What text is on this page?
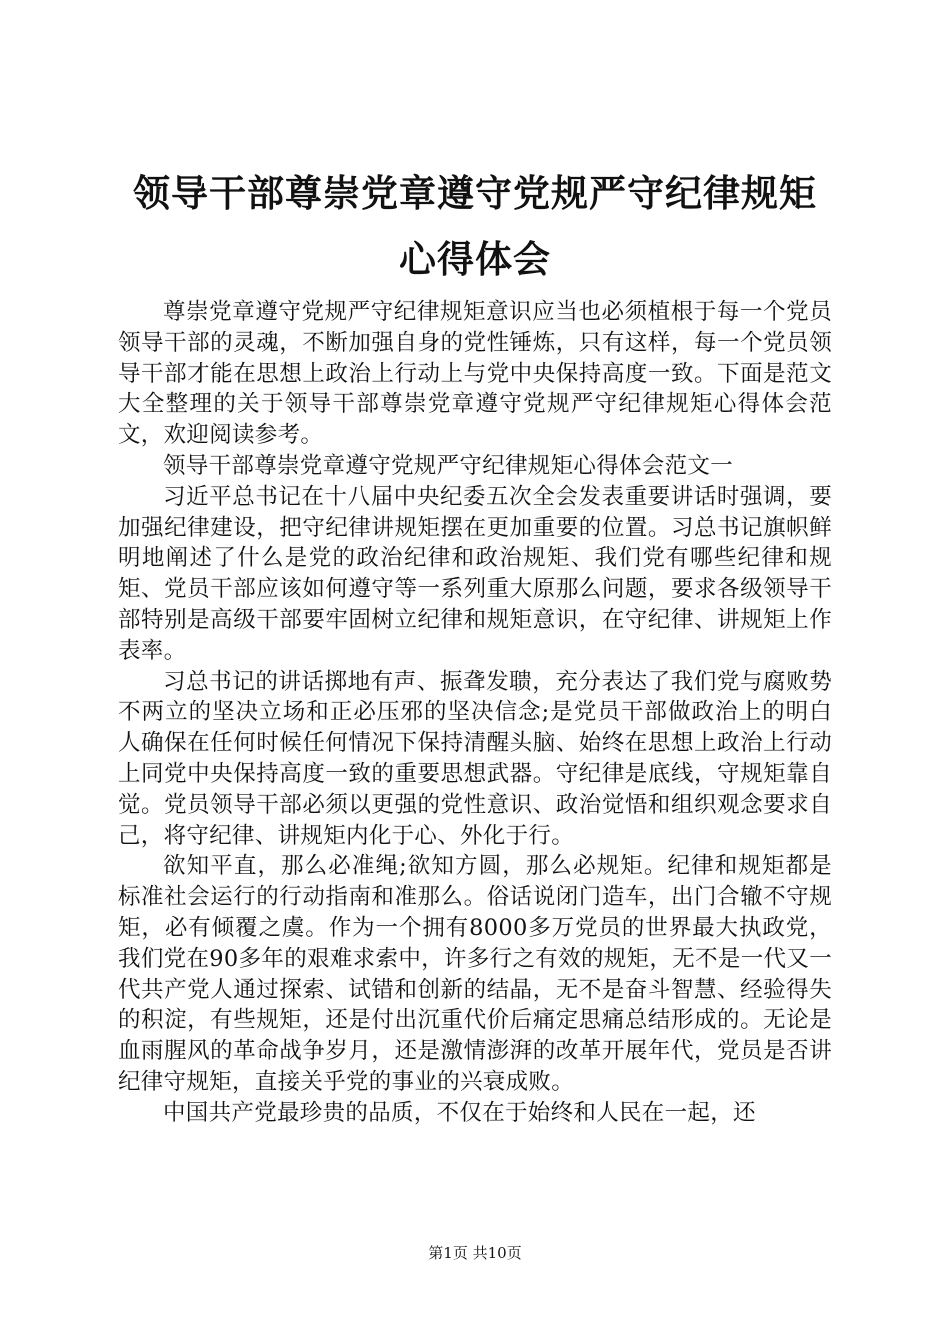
领导干部尊崇党章遵守党规严守纪律规矩心得体会

尊崇党章遵守党规严守纪律规矩意识应当也必须植根于每一个党员领导干部的灵魂，不断加强自身的党性锤炼，只有这样，每一个党员领导干部才能在思想上政治上行动上与党中央保持高度一致。下面是范文大全整理的关于领导干部尊崇党章遵守党规严守纪律规矩心得体会范文，欢迎阅读参考。

领导干部尊崇党章遵守党规严守纪律规矩心得体会范文一

习近平总书记在十八届中央纪委五次全会发表重要讲话时强调，要加强纪律建设，把守纪律讲规矩摆在更加重要的位置。习总书记旗帜鲜明地阐述了什么是党的政治纪律和政治规矩、我们党有哪些纪律和规矩、党员干部应该如何遵守等一系列重大原那么问题，要求各级领导干部特别是高级干部要牢固树立纪律和规矩意识，在守纪律、讲规矩上作表率。

习总书记的讲话掷地有声、振聋发聩，充分表达了我们党与腐败势不两立的坚决立场和正必压邪的坚决信念;是党员干部做政治上的明白人确保在任何时候任何情况下保持清醒头脑、始终在思想上政治上行动上同党中央保持高度一致的重要思想武器。守纪律是底线，守规矩靠自觉。党员领导干部必须以更强的党性意识、政治觉悟和组织观念要求自己，将守纪律、讲规矩内化于心、外化于行。

欲知平直，那么必准绳;欲知方圆，那么必规矩。纪律和规矩都是标准社会运行的行动指南和准那么。俗话说闭门造车，出门合辙不守规矩，必有倾覆之虞。作为一个拥有8000多万党员的世界最大执政党，我们党在90多年的艰难求索中，许多行之有效的规矩，无不是一代又一代共产党人通过探索、试错和创新的结晶，无不是奋斗智慧、经验得失的积淀，有些规矩，还是付出沉重代价后痛定思痛总结形成的。无论是血雨腥风的革命战争岁月，还是激情澎湃的改革开展年代，党员是否讲纪律守规矩，直接关乎党的事业的兴衰成败。

中国共产党最珍贵的品质，不仅在于始终和人民在一起，还

第1页 共10页
